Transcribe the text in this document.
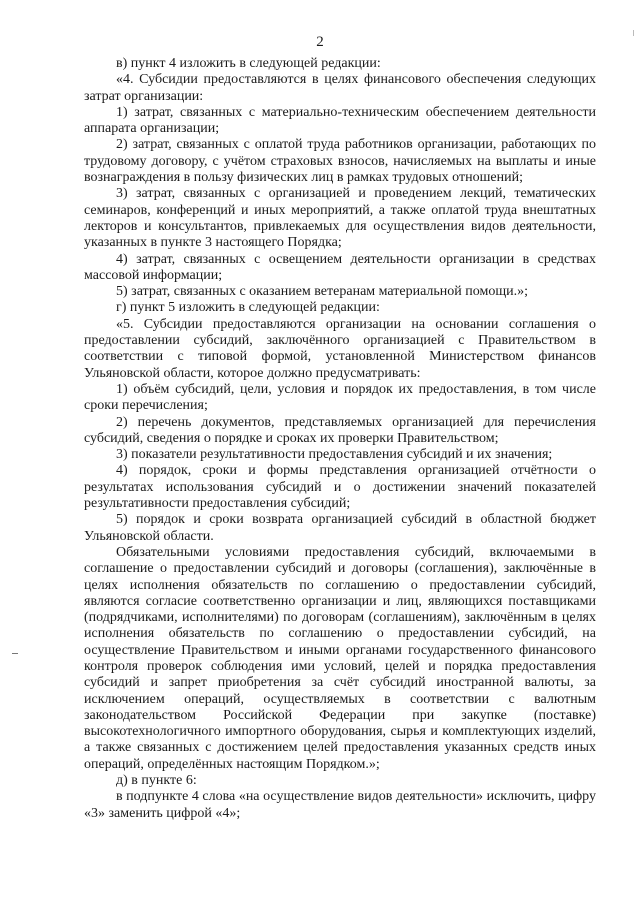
2

в) пункт 4 изложить в следующей редакции:

«4. Субсидии предоставляются в целях финансового обеспечения следующих затрат организации:

1) затрат, связанных с материально-техническим обеспечением деятельности аппарата организации;

2) затрат, связанных с оплатой труда работников организации, работающих по трудовому договору, с учётом страховых взносов, начисляемых на выплаты и иные вознаграждения в пользу физических лиц в рамках трудовых отношений;

3) затрат, связанных с организацией и проведением лекций, тематических семинаров, конференций и иных мероприятий, а также оплатой труда внештатных лекторов и консультантов, привлекаемых для осуществления видов деятельности, указанных в пункте 3 настоящего Порядка;

4) затрат, связанных с освещением деятельности организации в средствах массовой информации;

5) затрат, связанных с оказанием ветеранам материальной помощи.»;

г) пункт 5 изложить в следующей редакции:

«5. Субсидии предоставляются организации на основании соглашения о предоставлении субсидий, заключённого организацией с Правительством в соответствии с типовой формой, установленной Министерством финансов Ульяновской области, которое должно предусматривать:

1) объём субсидий, цели, условия и порядок их предоставления, в том числе сроки перечисления;

2) перечень документов, представляемых организацией для перечисления субсидий, сведения о порядке и сроках их проверки Правительством;

3) показатели результативности предоставления субсидий и их значения;

4) порядок, сроки и формы представления организацией отчётности о результатах использования субсидий и о достижении значений показателей результативности предоставления субсидий;

5) порядок и сроки возврата организацией субсидий в областной бюджет Ульяновской области.

Обязательными условиями предоставления субсидий, включаемыми в соглашение о предоставлении субсидий и договоры (соглашения), заключённые в целях исполнения обязательств по соглашению о предоставлении субсидий, являются согласие соответственно организации и лиц, являющихся поставщиками (подрядчиками, исполнителями) по договорам (соглашениям), заключённым в целях исполнения обязательств по соглашению о предоставлении субсидий, на осуществление Правительством и иными органами государственного финансового контроля проверок соблюдения ими условий, целей и порядка предоставления субсидий и запрет приобретения за счёт субсидий иностранной валюты, за исключением операций, осуществляемых в соответствии с валютным законодательством Российской Федерации при закупке (поставке) высокотехнологичного импортного оборудования, сырья и комплектующих изделий, а также связанных с достижением целей предоставления указанных средств иных операций, определённых настоящим Порядком.»;

д) в пункте 6:

в подпункте 4 слова «на осуществление видов деятельности» исключить, цифру «3» заменить цифрой «4»;
